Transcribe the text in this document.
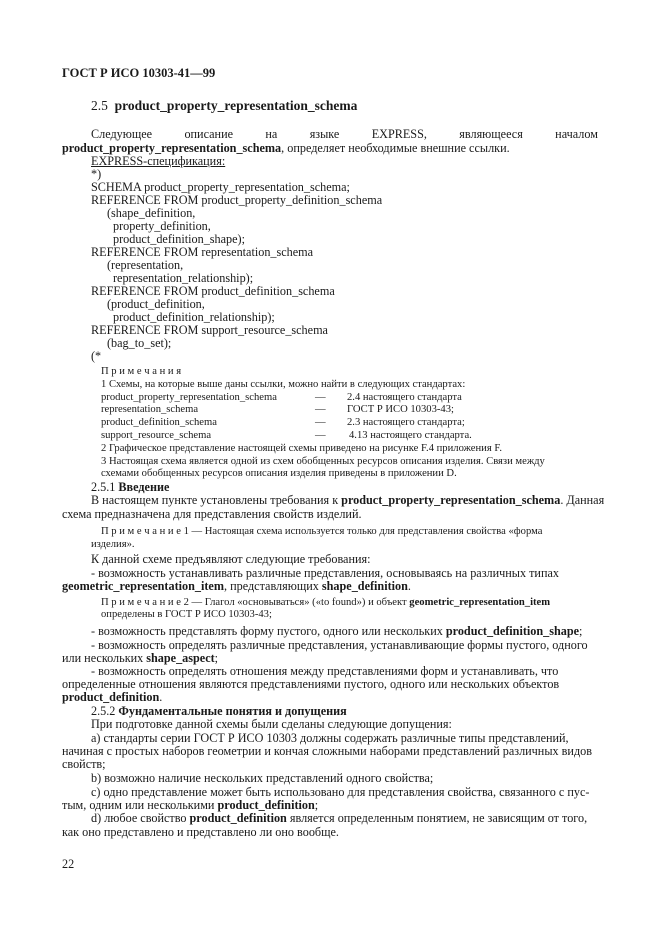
ГОСТ Р ИСО 10303-41—99
2.5 product_property_representation_schema
Следующее	описание	на	языке	EXPRESS,	являющееся	началом
product_property_representation_schema, определяет необходимые внешние ссылки.
EXPRESS-спецификация:
*)
SCHEMA product_property_representation_schema;
REFERENCE FROM product_property_definition_schema
(shape_definition,
property_definition,
product_definition_shape);
REFERENCE FROM representation_schema
(representation,
representation_relationship);
REFERENCE FROM product_definition_schema
(product_definition,
product_definition_relationship);
REFERENCE FROM support_resource_schema
(bag_to_set);
(*
П р и м е ч а н и я
1 Схемы, на которые выше даны ссылки, можно найти в следующих стандартах:
product_property_representation_schema	— 2.4 настоящего стандарта
representation_schema	— ГОСТ Р ИСО 10303-43;
product_definition_schema	— 2.3 настоящего стандарта;
support_resource_schema	— 4.13 настоящего стандарта.
2 Графическое представление настоящей схемы приведено на рисунке F.4 приложения F.
3 Настоящая схема является одной из схем обобщенных ресурсов описания изделия. Связи между
схемами обобщенных ресурсов описания изделия приведены в приложении D.
2.5.1 Введение
В настоящем пункте установлены требования к product_property_representation_schema. Данная
схема предназначена для представления свойств изделий.
П р и м е ч а н и е 1 — Настоящая схема используется только для представления свойства «форма
изделия».
К данной схеме предъявляют следующие требования:
- возможность устанавливать различные представления, основываясь на различных типах
geometric_representation_item, представляющих shape_definition.
П р и м е ч а н и е 2 — Глагол «основываться» («to found») и объект geometric_representation_item
определены в ГОСТ Р ИСО 10303-43;
- возможность представлять форму пустого, одного или нескольких product_definition_shape;
- возможность определять различные представления, устанавливающие формы пустого, одного
или нескольких shape_aspect;
- возможность определять отношения между представлениями форм и устанавливать, что
определенные отношения являются представлениями пустого, одного или нескольких объектов
product_definition.
2.5.2 Фундаментальные понятия и допущения
При подготовке данной схемы были сделаны следующие допущения:
а) стандарты серии ГОСТ Р ИСО 10303 должны содержать различные типы представлений,
начиная с простых наборов геометрии и кончая сложными наборами представлений различных видов
свойств;
b) возможно наличие нескольких представлений одного свойства;
c) одно представление может быть использовано для представления свойства, связанного с пус-
тым, одним или несколькими product_definition;
d) любое свойство product_definition является определенным понятием, не зависящим от того,
как оно представлено и представлено ли оно вообще.
22
